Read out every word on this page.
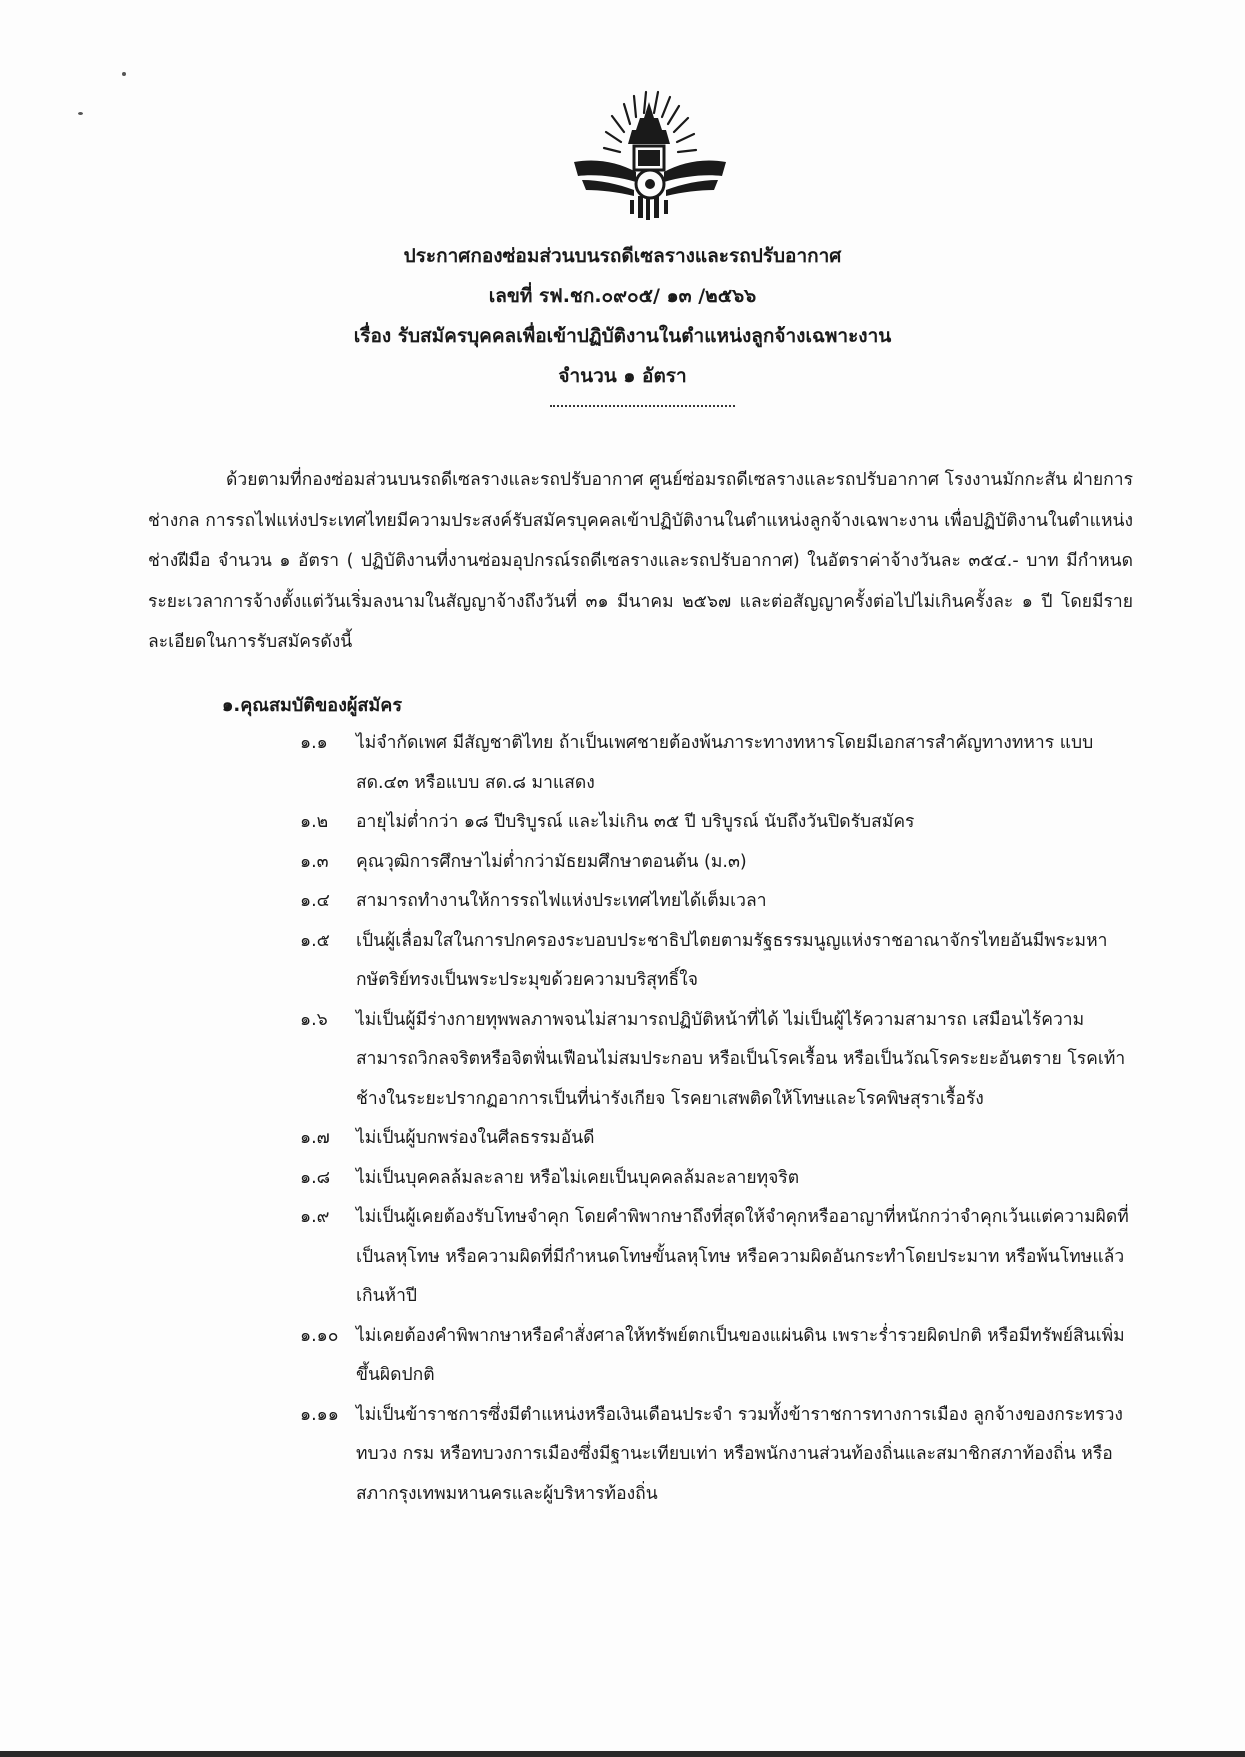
ประกาศกองซ่อมส่วนบนรถดีเซลรางและรถปรับอากาศ
เลขที่ รฟ.ชก.๐๙๐๕/ ๑๓ /๒๕๖๖
เรื่อง รับสมัครบุคคลเพื่อเข้าปฏิบัติงานในตำแหน่งลูกจ้างเฉพาะงาน
จำนวน ๑ อัตรา

ด้วยตามที่กองซ่อมส่วนบนรถดีเซลรางและรถปรับอากาศ ศูนย์ซ่อมรถดีเซลรางและรถปรับอากาศ โรงงานมักกะสัน ฝ่ายการช่างกล การรถไฟแห่งประเทศไทยมีความประสงค์รับสมัครบุคคลเข้าปฏิบัติงานในตำแหน่งลูกจ้างเฉพาะงาน เพื่อปฏิบัติงานในตำแหน่ง ช่างฝีมือ จำนวน ๑ อัตรา ( ปฏิบัติงานที่งานซ่อมอุปกรณ์รถดีเซลรางและรถปรับอากาศ) ในอัตราค่าจ้างวันละ ๓๕๔.- บาท มีกำหนดระยะเวลาการจ้างตั้งแต่วันเริ่มลงนามในสัญญาจ้างถึงวันที่ ๓๑ มีนาคม ๒๕๖๗ และต่อสัญญาครั้งต่อไปไม่เกินครั้งละ ๑ ปี โดยมีรายละเอียดในการรับสมัครดังนี้

๑.คุณสมบัติของผู้สมัคร
๑.๑ ไม่จำกัดเพศ มีสัญชาติไทย ถ้าเป็นเพศชายต้องพ้นภาระทางทหารโดยมีเอกสารสำคัญทางทหาร แบบ สด.๔๓ หรือแบบ สด.๘ มาแสดง
๑.๒ อายุไม่ต่ำกว่า ๑๘ ปีบริบูรณ์ และไม่เกิน ๓๕ ปี บริบูรณ์ นับถึงวันปิดรับสมัคร
๑.๓ คุณวุฒิการศึกษาไม่ต่ำกว่ามัธยมศึกษาตอนต้น (ม.๓)
๑.๔ สามารถทำงานให้การรถไฟแห่งประเทศไทยได้เต็มเวลา
๑.๕ เป็นผู้เลื่อมใสในการปกครองระบอบประชาธิปไตยตามรัฐธรรมนูญแห่งราชอาณาจักรไทยอันมีพระมหากษัตริย์ทรงเป็นพระประมุขด้วยความบริสุทธิ์ใจ
๑.๖ ไม่เป็นผู้มีร่างกายทุพพลภาพจนไม่สามารถปฏิบัติหน้าที่ได้ ไม่เป็นผู้ไร้ความสามารถ เสมือนไร้ความสามารถวิกลจริตหรือจิตฟั่นเฟือนไม่สมประกอบ หรือเป็นโรคเรื้อน หรือเป็นวัณโรคระยะอันตราย โรคเท้าช้างในระยะปรากฏอาการเป็นที่น่ารังเกียจ โรคยาเสพติดให้โทษและโรคพิษสุราเรื้อรัง
๑.๗ ไม่เป็นผู้บกพร่องในศีลธรรมอันดี
๑.๘ ไม่เป็นบุคคลล้มละลาย หรือไม่เคยเป็นบุคคลล้มละลายทุจริต
๑.๙ ไม่เป็นผู้เคยต้องรับโทษจำคุก โดยคำพิพากษาถึงที่สุดให้จำคุกหรืออาญาที่หนักกว่าจำคุกเว้นแต่ความผิดที่เป็นลหุโทษ หรือความผิดที่มีกำหนดโทษขั้นลหุโทษ หรือความผิดอันกระทำโดยประมาท หรือพ้นโทษแล้วเกินห้าปี
๑.๑๐ ไม่เคยต้องคำพิพากษาหรือคำสั่งศาลให้ทรัพย์ตกเป็นของแผ่นดิน เพราะร่ำรวยผิดปกติ หรือมีทรัพย์สินเพิ่มขึ้นผิดปกติ
๑.๑๑ ไม่เป็นข้าราชการซึ่งมีตำแหน่งหรือเงินเดือนประจำ รวมทั้งข้าราชการทางการเมือง ลูกจ้างของกระทรวง ทบวง กรม หรือทบวงการเมืองซึ่งมีฐานะเทียบเท่า หรือพนักงานส่วนท้องถิ่นและสมาชิกสภาท้องถิ่น หรือสภากรุงเทพมหานครและผู้บริหารท้องถิ่น
